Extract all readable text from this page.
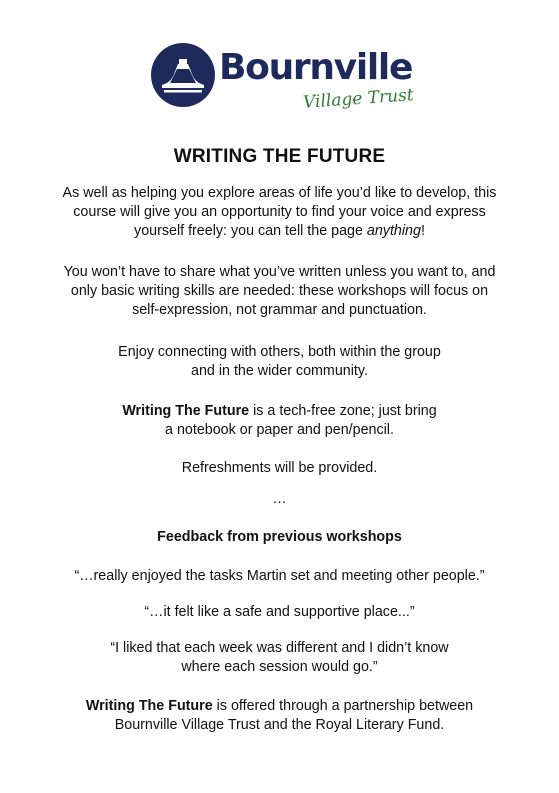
Bournville
Village Trust
WRITING THE FUTURE

As well as helping you explore areas of life you’d like to develop, this
course will give you an opportunity to find your voice and express
yourself freely: you can tell the page anything!

You won’t have to share what you’ve written unless you want to, and
only basic writing skills are needed: these workshops will focus on
self-expression, not grammar and punctuation.

Enjoy connecting with others, both within the group
and in the wider community.

Writing The Future is a tech-free zone; just bring
a notebook or paper and pen/pencil.

Refreshments will be provided.

…

Feedback from previous workshops

“…really enjoyed the tasks Martin set and meeting other people.”

“…it felt like a safe and supportive place...”

“I liked that each week was different and I didn’t know
where each session would go.”

Writing The Future is offered through a partnership between
Bournville Village Trust and the Royal Literary Fund.
